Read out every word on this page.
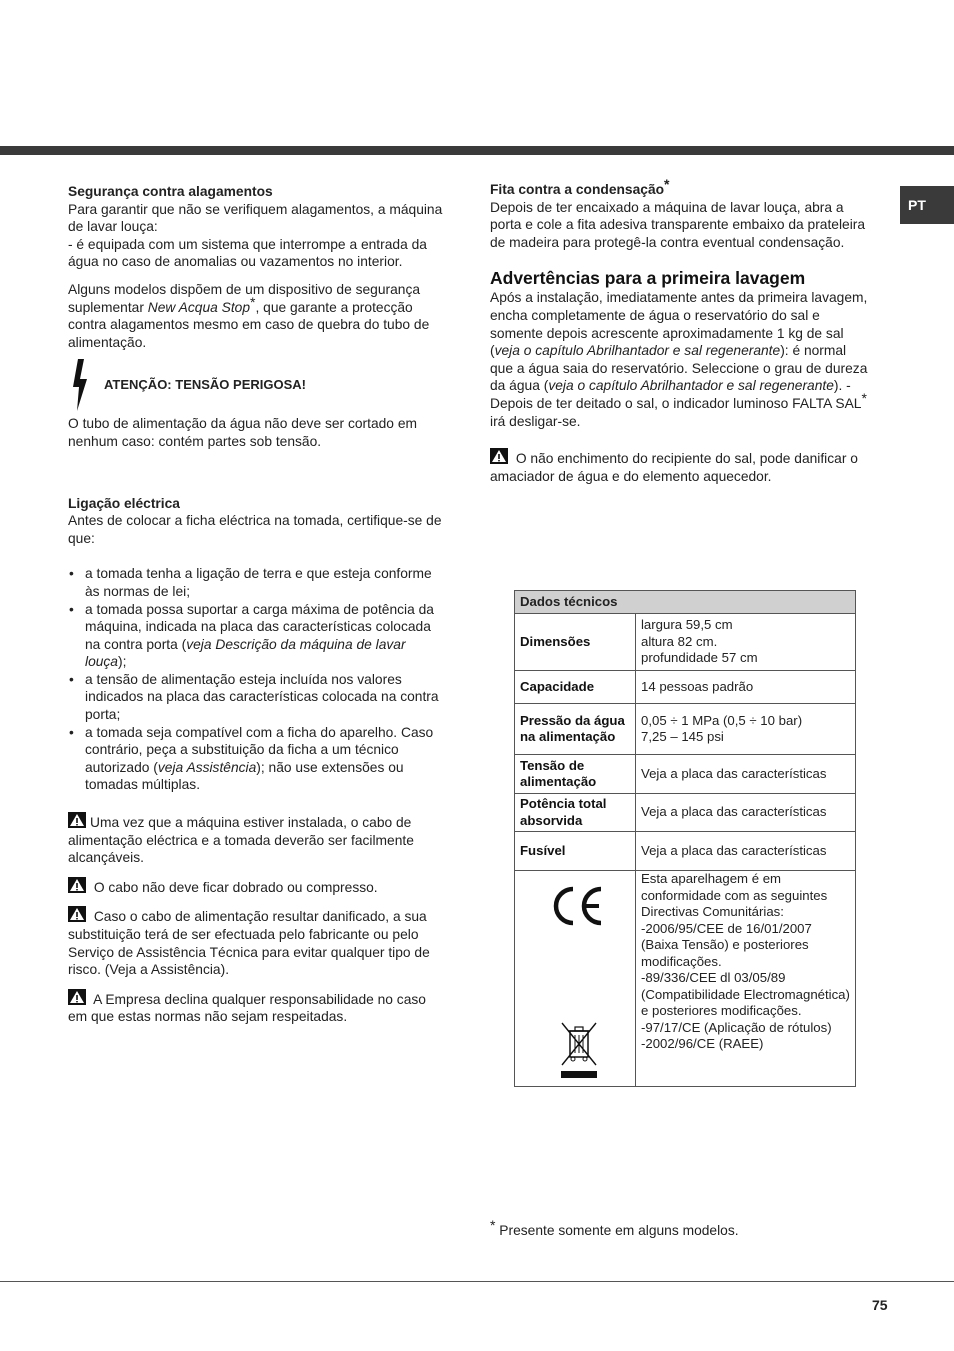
PT

Segurança contra alagamentos

Para garantir que não se verifiquem alagamentos, a máquina de lavar louça:

- é equipada com um sistema que interrompe a entrada da água no caso de anomalias ou vazamentos no interior.

Alguns modelos dispõem de um dispositivo de segurança suplementar New Acqua Stop*, que garante a protecção contra alagamentos mesmo em caso de quebra do tubo de alimentação.

ATENÇÃO: TENSÃO PERIGOSA!

O tubo de alimentação da água não deve ser cortado em nenhum caso: contém partes sob tensão.

Ligação eléctrica

Antes de colocar a ficha eléctrica na tomada, certifique-se de que:

• a tomada tenha a ligação de terra e que esteja conforme às normas de lei;
• a tomada possa suportar a carga máxima de potência da máquina, indicada na placa das características colocada na contra porta (veja Descrição da máquina de lavar louça);
• a tensão de alimentação esteja incluída nos valores indicados na placa das características colocada na contra porta;
• a tomada seja compatível com a ficha do aparelho. Caso contrário, peça a substituição da ficha a um técnico autorizado (veja Assistência); não use extensões ou tomadas múltiplas.

Uma vez que a máquina estiver instalada, o cabo de alimentação eléctrica e a tomada deverão ser facilmente alcançáveis.

O cabo não deve ficar dobrado ou compresso.

Caso o cabo de alimentação resultar danificado, a sua substituição terá de ser efectuada pelo fabricante ou pelo Serviço de Assistência Técnica para evitar qualquer tipo de risco. (Veja a Assistência).

A Empresa declina qualquer responsabilidade no caso em que estas normas não sejam respeitadas.

Fita contra a condensação*

Depois de ter encaixado a máquina de lavar louça, abra a porta e cole a fita adesiva transparente embaixo da prateleira de madeira para protegê-la contra eventual condensação.

Advertências para a primeira lavagem

Após a instalação, imediatamente antes da primeira lavagem, encha completamente de água o reservatório do sal e somente depois acrescente aproximadamente 1 kg de sal (veja o capítulo Abrilhantador e sal regenerante): é normal que a água saia do reservatório. Seleccione o grau de dureza da água (veja o capítulo Abrilhantador e sal regenerante). - Depois de ter deitado o sal, o indicador luminoso FALTA SAL* irá desligar-se.

O não enchimento do recipiente do sal, pode danificar o amaciador de água e do elemento aquecedor.

Dados técnicos	
Dimensões	largura 59,5 cm
altura 82 cm.
profundidade 57 cm

Capacidade	14 pessoas padrão
Pressão da água na alimentação	0,05 ÷ 1 MPa (0,5 ÷ 10 bar)
7,25 – 145 psi

Tensão de alimentação	Veja a placa das características
Potência total absorvida	Veja a placa das características
Fusível	Veja a placa das características

	Esta aparelhagem é em conformidade com as seguintes Directivas Comunitárias:
-2006/95/CEE de 16/01/2007 (Baixa Tensão) e posteriores modificações.
-89/336/CEE dl 03/05/89 (Compatibilidade Electromagnética) e posteriores modificações.
-97/17/CE (Aplicação de rótulos)
-2002/96/CE (RAEE)
* Presente somente em alguns modelos.
75
